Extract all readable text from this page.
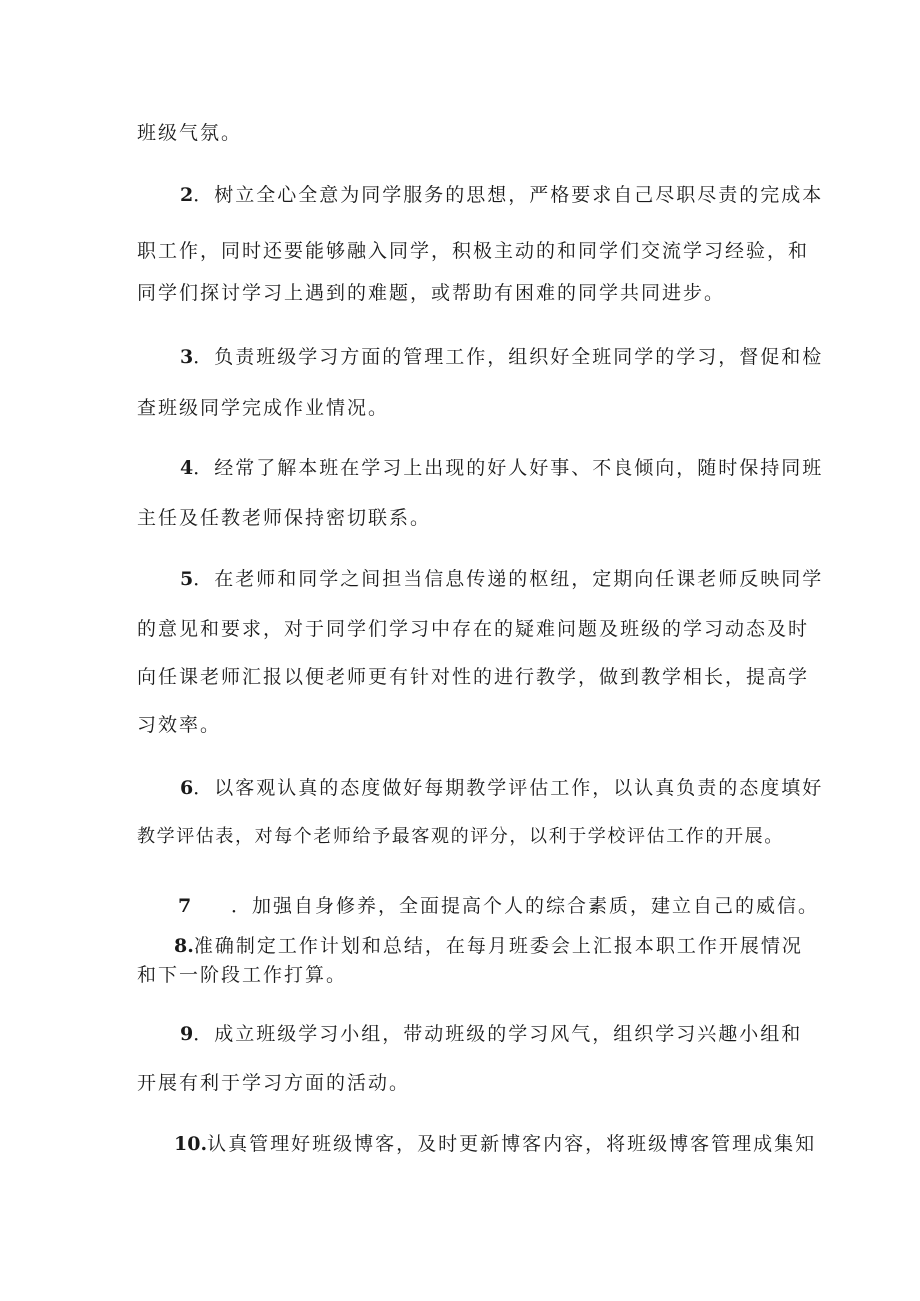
班级气氛。
2．树立全心全意为同学服务的思想，严格要求自己尽职尽责的完成本
职工作，同时还要能够融入同学，积极主动的和同学们交流学习经验，和
同学们探讨学习上遇到的难题，或帮助有困难的同学共同进步。
3．负责班级学习方面的管理工作，组织好全班同学的学习，督促和检
查班级同学完成作业情况。
4．经常了解本班在学习上出现的好人好事、不良倾向，随时保持同班
主任及任教老师保持密切联系。
5．在老师和同学之间担当信息传递的枢纽，定期向任课老师反映同学
的意见和要求，对于同学们学习中存在的疑难问题及班级的学习动态及时
向任课老师汇报以便老师更有针对性的进行教学，做到教学相长，提高学
习效率。
6．以客观认真的态度做好每期教学评估工作，以认真负责的态度填好
教学评估表，对每个老师给予最客观的评分，以利于学校评估工作的开展。
7 ．加强自身修养，全面提高个人的综合素质，建立自己的威信。
8.准确制定工作计划和总结，在每月班委会上汇报本职工作开展情况
和下一阶段工作打算。
9．成立班级学习小组，带动班级的学习风气，组织学习兴趣小组和
开展有利于学习方面的活动。
10.认真管理好班级博客，及时更新博客内容，将班级博客管理成集知
